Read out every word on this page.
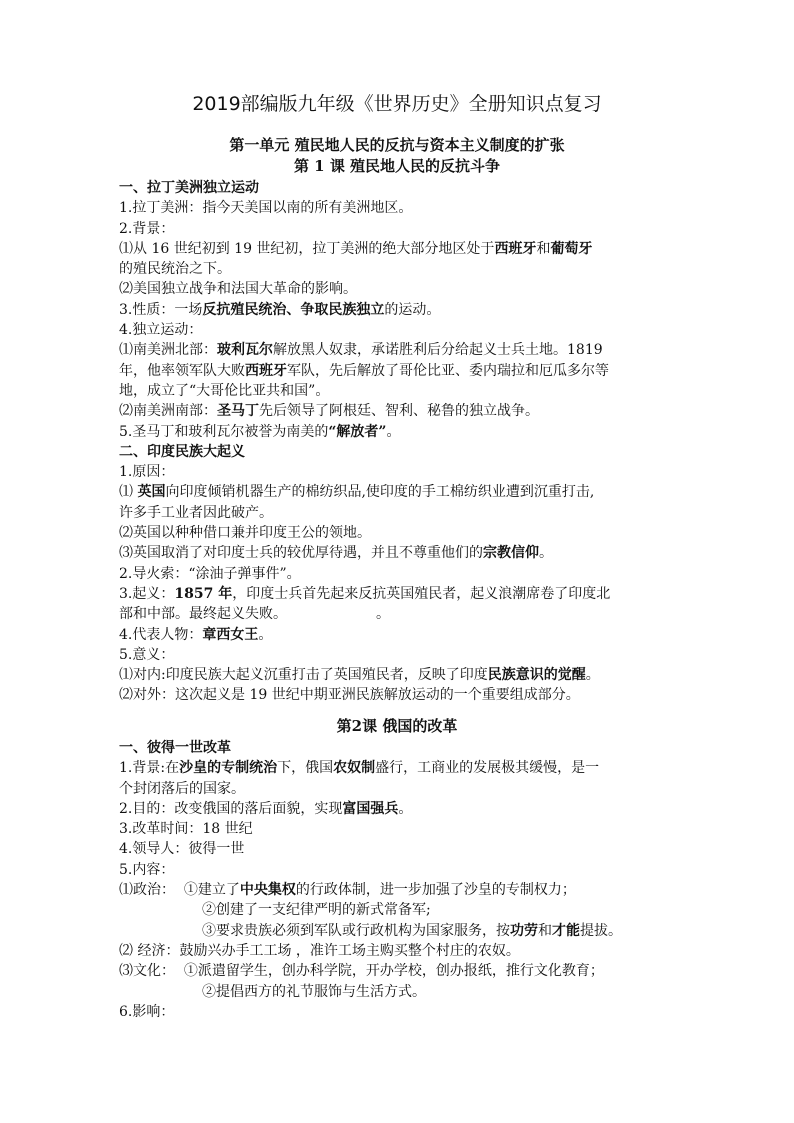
2019部编版九年级《世界历史》全册知识点复习
第一单元 殖民地人民的反抗与资本主义制度的扩张
第 1 课 殖民地人民的反抗斗争
一、拉丁美洲独立运动
1.拉丁美洲：指今天美国以南的所有美洲地区。
2.背景：
⑴从 16 世纪初到 19 世纪初，拉丁美洲的绝大部分地区处于西班牙和葡萄牙
的殖民统治之下。
⑵美国独立战争和法国大革命的影响。
3.性质：一场反抗殖民统治、争取民族独立的运动。
4.独立运动：
⑴南美洲北部：玻利瓦尔解放黑人奴隶，承诺胜利后分给起义士兵土地。1819
年，他率领军队大败西班牙军队，先后解放了哥伦比亚、委内瑞拉和厄瓜多尔等
地，成立了“大哥伦比亚共和国”。
⑵南美洲南部：圣马丁先后领导了阿根廷、智利、秘鲁的独立战争。
5.圣马丁和玻利瓦尔被誉为南美的“解放者”。
二、印度民族大起义
1.原因：
⑴ 英国向印度倾销机器生产的棉纺织品,使印度的手工棉纺织业遭到沉重打击,
许多手工业者因此破产。
⑵英国以种种借口兼并印度王公的领地。
⑶英国取消了对印度士兵的较优厚待遇，并且不尊重他们的宗教信仰。
2.导火索：“涂油子弹事件”。
3.起义：1857 年，印度士兵首先起来反抗英国殖民者，起义浪潮席卷了印度北
部和中部。最终起义失败。                    。
4.代表人物：章西女王。
5.意义：
⑴对内:印度民族大起义沉重打击了英国殖民者，反映了印度民族意识的觉醒。
⑵对外：这次起义是 19 世纪中期亚洲民族解放运动的一个重要组成部分。
第2课 俄国的改革
一、彼得一世改革
1.背景:在沙皇的专制统治下，俄国农奴制盛行，工商业的发展极其缓慢，是一
个封闭落后的国家。
2.目的：改变俄国的落后面貌，实现富国强兵。
3.改革时间：18 世纪
4.领导人：彼得一世
5.内容：
⑴政治：  ①建立了中央集权的行政体制，进一步加强了沙皇的专制权力；
②创建了一支纪律严明的新式常备军;
③要求贵族必须到军队或行政机构为国家服务，按功劳和才能提拔。
⑵ 经济：鼓励兴办手工工场 ，准许工场主购买整个村庄的农奴。
⑶文化：  ①派遣留学生，创办科学院，开办学校，创办报纸，推行文化教育；
②提倡西方的礼节服饰与生活方式。
6.影响：
